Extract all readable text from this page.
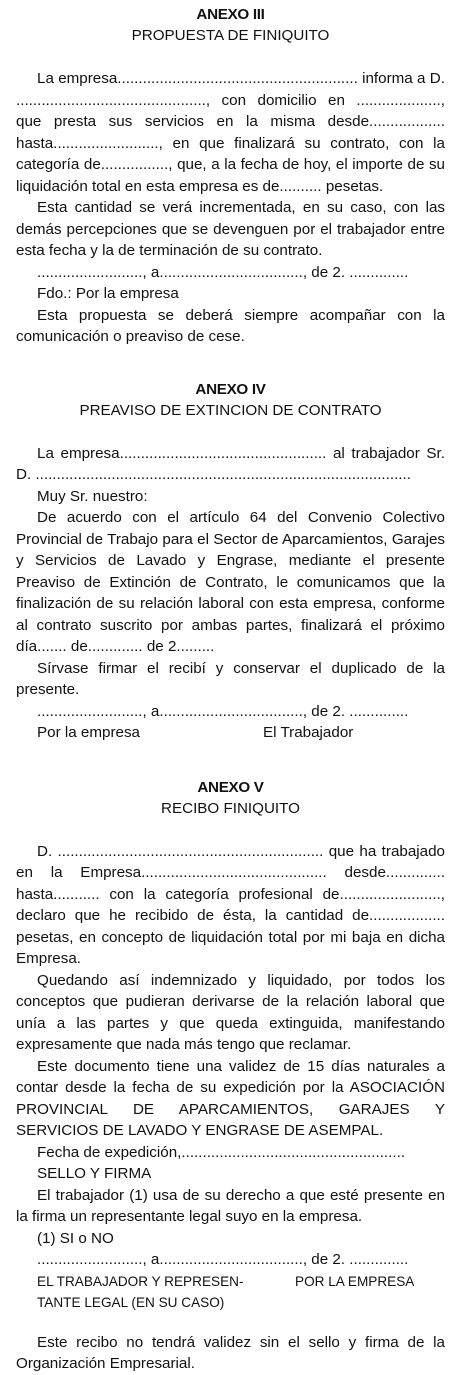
ANEXO III
PROPUESTA DE FINIQUITO

La empresa......................................................... informa a D. ............................................., con domicilio en ...................., que presta sus servicios en la misma desde.................. hasta........................., en que finalizará su contrato, con la categoría de................, que, a la fecha de hoy, el importe de su liquidación total en esta empresa es de.......... pesetas.

Esta cantidad se verá incrementada, en su caso, con las demás percepciones que se devenguen por el trabajador entre esta fecha y la de terminación de su contrato.

........................., a.................................., de 2. ..............

Fdo.: Por la empresa

Esta propuesta se deberá siempre acompañar con la comunicación o preaviso de cese.

ANEXO IV
PREAVISO DE EXTINCION DE CONTRATO

La empresa................................................. al trabajador Sr. D. .........................................................................................

Muy Sr. nuestro:

De acuerdo con el artículo 64 del Convenio Colectivo Provincial de Trabajo para el Sector de Aparcamientos, Garajes y Servicios de Lavado y Engrase, mediante el presente Preaviso de Extinción de Contrato, le comunicamos que la finalización de su relación laboral con esta empresa, conforme al contrato suscrito por ambas partes, finalizará el próximo día....... de............. de 2.........

Sírvase firmar el recibí y conservar el duplicado de la presente.

........................., a.................................., de 2. ..............

Por la empresa	El Trabajador
ANEXO V
RECIBO FINIQUITO

D. ............................................................... que ha trabajado en la Empresa............................................ desde.............. hasta........... con la categoría profesional de........................, declaro que he recibido de ésta, la cantidad de.................. pesetas, en concepto de liquidación total por mi baja en dicha Empresa.

Quedando así indemnizado y liquidado, por todos los conceptos que pudieran derivarse de la relación laboral que unía a las partes y que queda extinguida, manifestando expresamente que nada más tengo que reclamar.

Este documento tiene una validez de 15 días naturales a contar desde la fecha de su expedición por la ASOCIACIÓN PROVINCIAL DE APARCAMIENTOS, GARAJES Y SERVICIOS DE LAVADO Y ENGRASE DE ASEMPAL.

Fecha de expedición,.....................................................

SELLO Y FIRMA

El trabajador (1) usa de su derecho a que esté presente en la firma un representante legal suyo en la empresa.

(1) SI o NO

........................., a.................................., de 2. ..............

EL TRABAJADOR Y REPRESEN-	POR LA EMPRESA
TANTE LEGAL (EN SU CASO)

Este recibo no tendrá validez sin el sello y firma de la Organización Empresarial.
